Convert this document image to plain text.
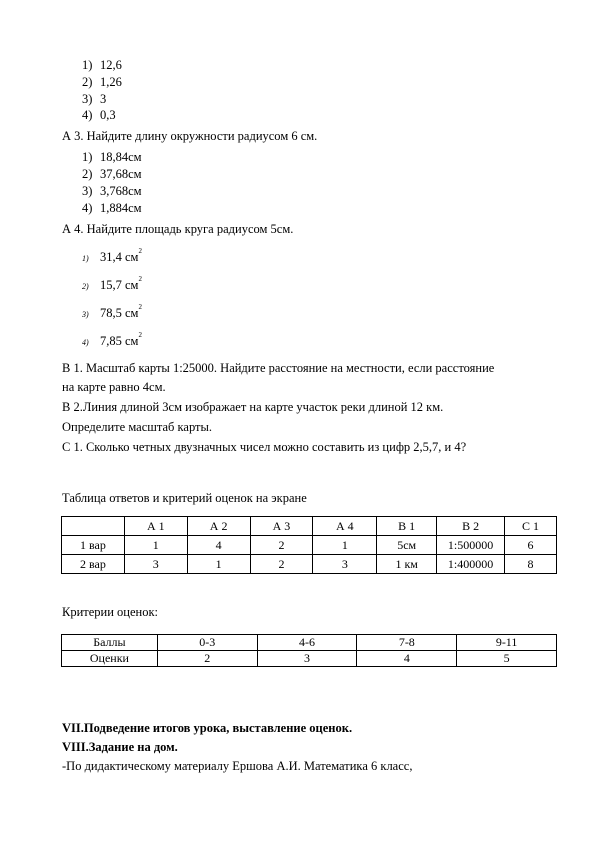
1) 12,6
2) 1,26
3) 3
4) 0,3
А 3. Найдите длину окружности радиусом 6 см.
1) 18,84см
2) 37,68см
3) 3,768см
4) 1,884см
А 4. Найдите площадь круга радиусом 5см.
1) 31,4 $см^2$
2) 15,7 $см^2$
3) 78,5 $см^2$
4) 7,85 $см^2$
В 1. Масштаб карты 1:25000. Найдите расстояние на местности, если расстояние
на карте равно 4см.
В 2.Линия длиной 3см изображает на карте участок реки длиной 12 км.
Определите масштаб карты.
С 1. Сколько четных двузначных чисел можно составить из цифр 2,5,7, и 4?
Таблица ответов и критерий оценок на экране
	А 1	А 2	А 3	А 4	В 1	В 2	С 1
1 вар	1	4	2	1	5см	1:500000	6
2 вар	3	1	2	3	1 км	1:400000	8
Критерии оценок:
Баллы	0-3	4-6	7-8	9-11
Оценки	2	3	4	5
VII.Подведение итогов урока, выставление оценок.
VIII.Задание на дом.
-По дидактическому материалу Ершова А.И. Математика 6 класс,
